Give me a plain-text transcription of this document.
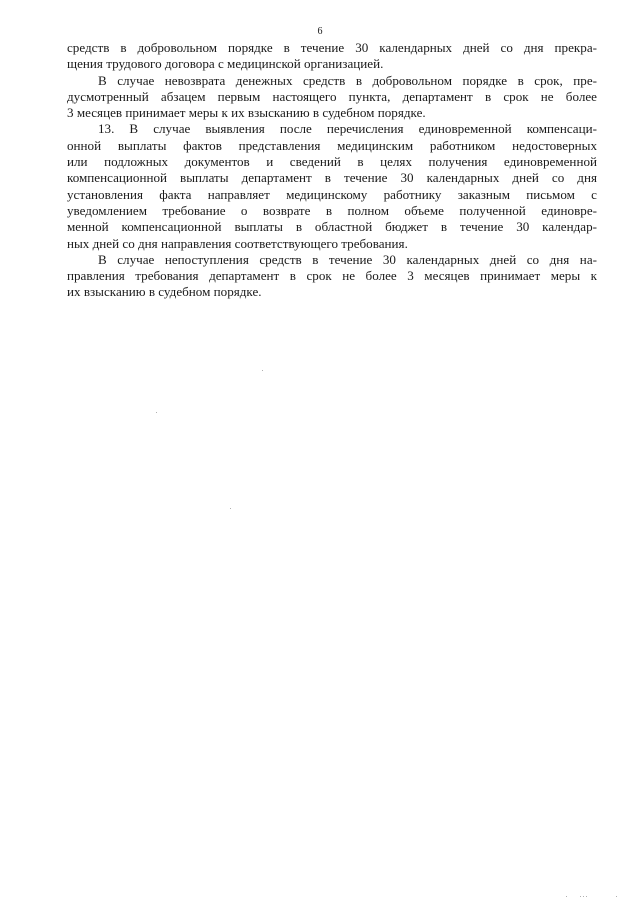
6

средств в добровольном порядке в течение 30 календарных дней со дня прекра-
щения трудового договора с медицинской организацией.

В случае невозврата денежных средств в добровольном порядке в срок, пре-
дусмотренный абзацем первым настоящего пункта, департамент в срок не более
3 месяцев принимает меры к их взысканию в судебном порядке.

13. В случае выявления после перечисления единовременной компенсаци-
онной выплаты фактов представления медицинским работником недостоверных
или подложных документов и сведений в целях получения единовременной
компенсационной выплаты департамент в течение 30 календарных дней со дня
установления факта направляет медицинскому работнику заказным письмом с
уведомлением требование о возврате в полном объеме полученной единовре-
менной компенсационной выплаты в областной бюджет в течение 30 календар-
ных дней со дня направления соответствующего требования.

В случае непоступления средств в течение 30 календарных дней со дня на-
правления требования департамент в срок не более 3 месяцев принимает меры к
их взысканию в судебном порядке.
